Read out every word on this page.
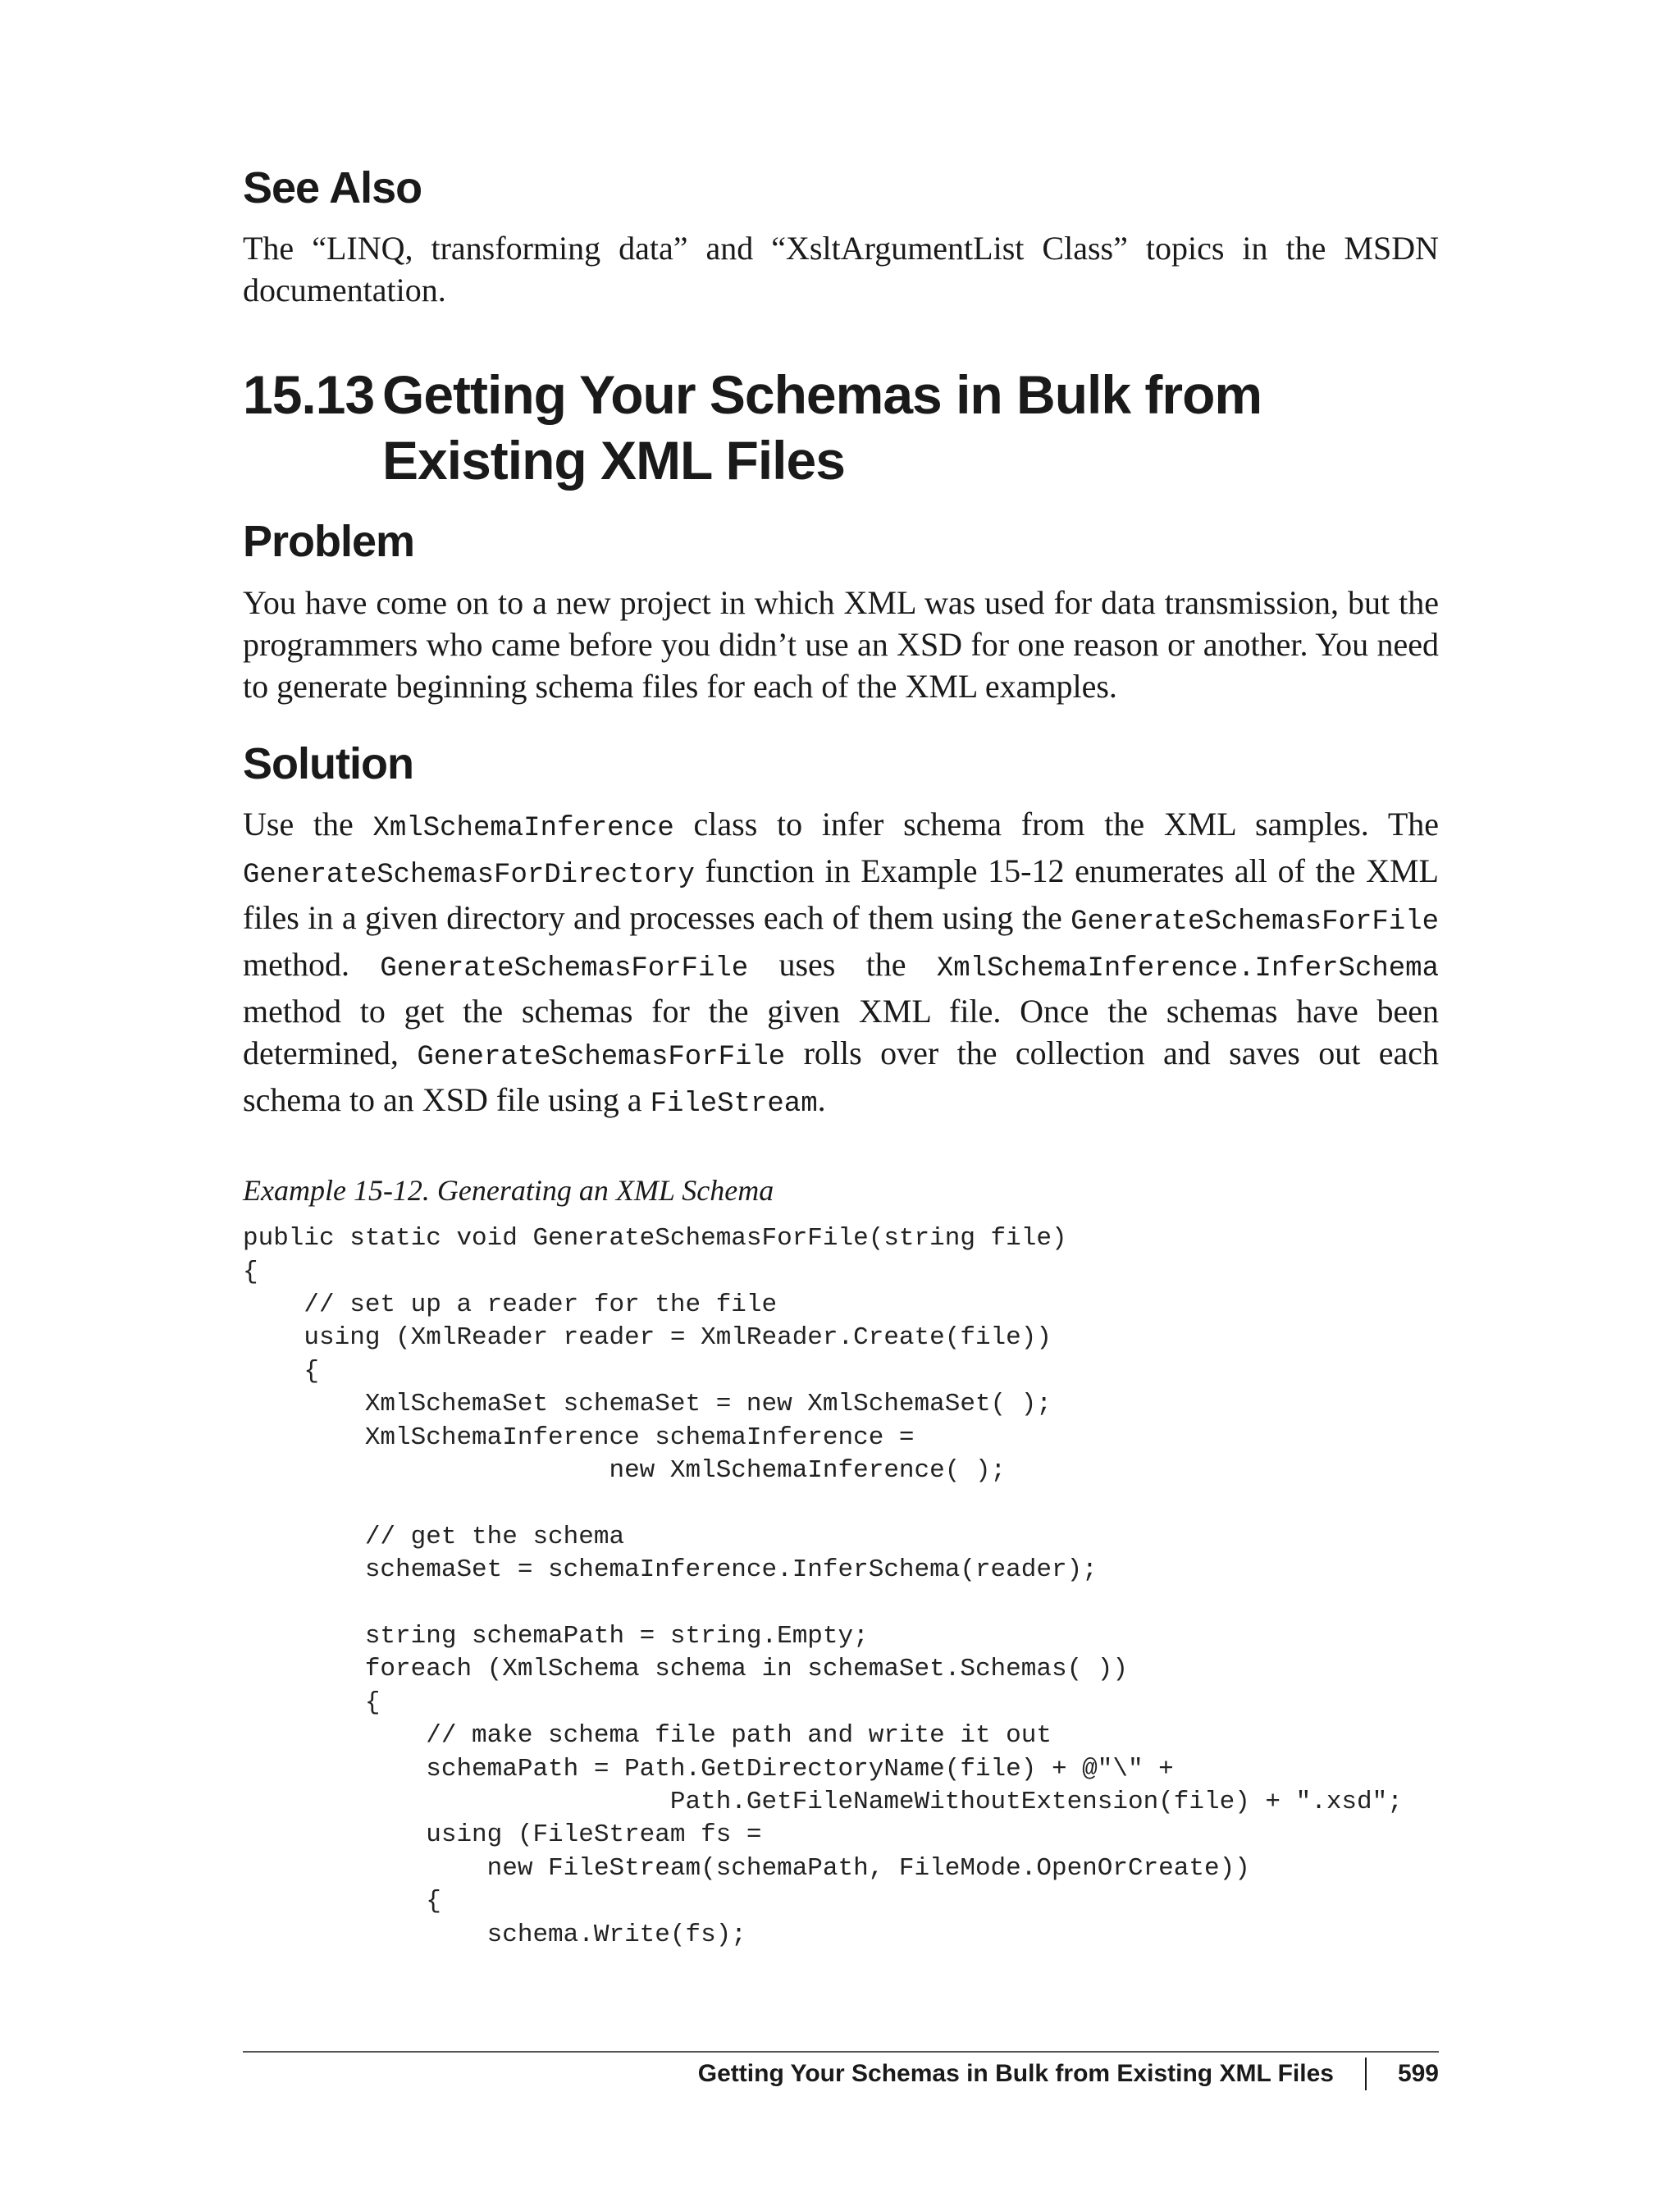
See Also

The “LINQ, transforming data” and “XsltArgumentList Class” topics in the MSDN documentation.

15.13 Getting Your Schemas in Bulk from Existing XML Files
Problem

You have come on to a new project in which XML was used for data transmission, but the programmers who came before you didn’t use an XSD for one reason or another. You need to generate beginning schema files for each of the XML examples.

Solution

Use the XmlSchemaInference class to infer schema from the XML samples. The GenerateSchemasForDirectory function in Example 15-12 enumerates all of the XML files in a given directory and processes each of them using the GenerateSchemasForFile method. GenerateSchemasForFile uses the XmlSchemaInference.InferSchema method to get the schemas for the given XML file. Once the schemas have been determined, GenerateSchemasForFile rolls over the collection and saves out each schema to an XSD file using a FileStream.

Example 15-12. Generating an XML Schema
public static void GenerateSchemasForFile(string file)
{
// set up a reader for the file
using (XmlReader reader = XmlReader.Create(file))
{
XmlSchemaSet schemaSet = new XmlSchemaSet( );
XmlSchemaInference schemaInference =
new XmlSchemaInference( );

// get the schema
schemaSet = schemaInference.InferSchema(reader);

string schemaPath = string.Empty;
foreach (XmlSchema schema in schemaSet.Schemas( ))
{
// make schema file path and write it out
schemaPath = Path.GetDirectoryName(file) + @"\" +
Path.GetFileNameWithoutExtension(file) + ".xsd";
using (FileStream fs =
new FileStream(schemaPath, FileMode.OpenOrCreate))
{
schema.Write(fs);
Getting Your Schemas in Bulk from Existing XML Files	599
